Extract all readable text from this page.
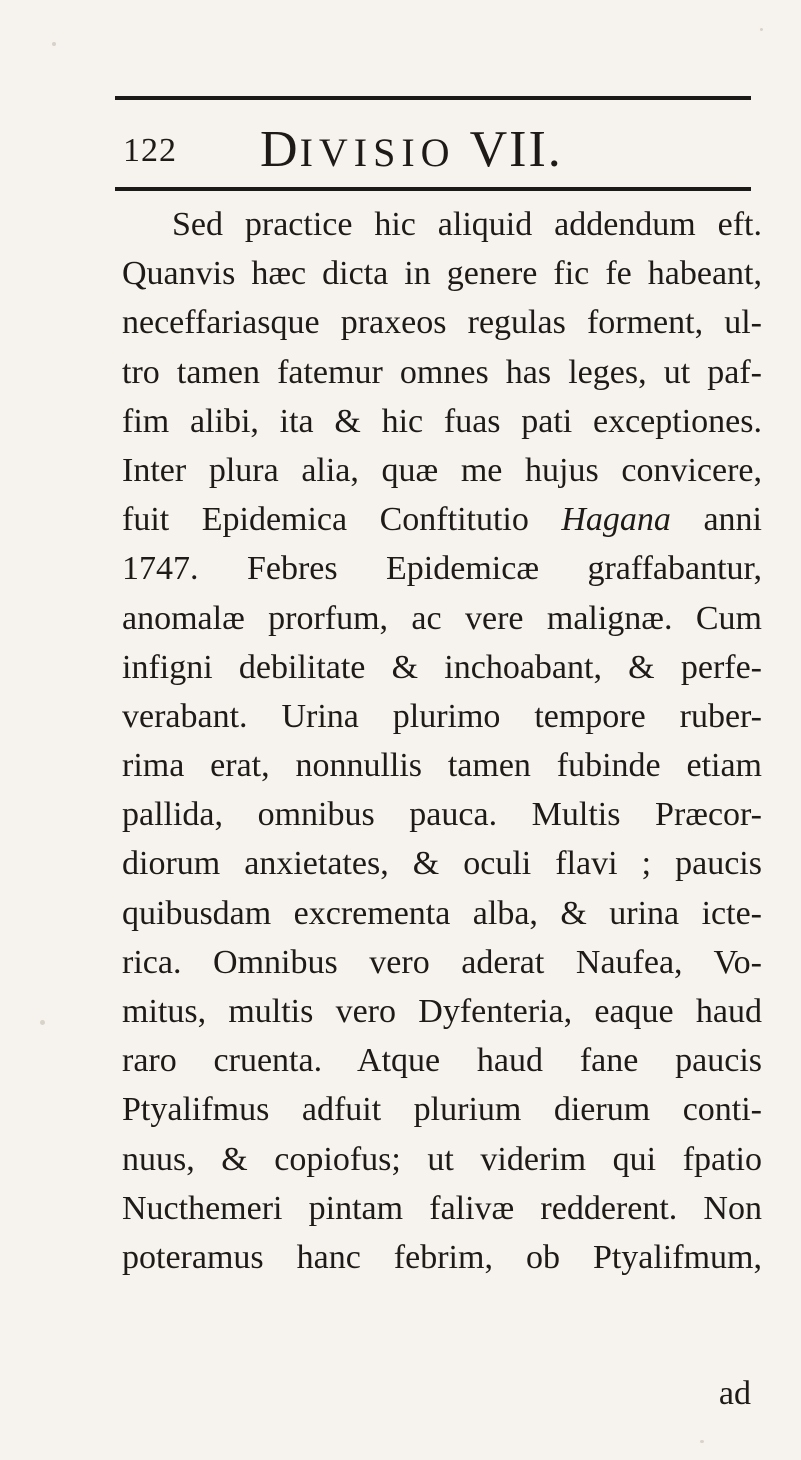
122 DIVISIO VII.
Sed practice hic aliquid addendum eft.
Quanvis hæc dicta in genere fic fe habeant,
neceffariasque praxeos regulas forment, ul-
tro tamen fatemur omnes has leges, ut paf-
fim alibi, ita & hic fuas pati exceptiones.
Inter plura alia, quæ me hujus convicere,
fuit Epidemica Conftitutio Hagana anni
1747. Febres Epidemicæ graffabantur,
anomalæ prorfum, ac vere malignæ. Cum
infigni debilitate & inchoabant, & perfe-
verabant. Urina plurimo tempore ruber-
rima erat, nonnullis tamen fubinde etiam
pallida, omnibus pauca. Multis Præcor-
diorum anxietates, & oculi flavi ; paucis
quibusdam excrementa alba, & urina icte-
rica. Omnibus vero aderat Naufea, Vo-
mitus, multis vero Dyfenteria, eaque haud
raro cruenta. Atque haud fane paucis
Ptyalifmus adfuit plurium dierum conti-
nuus, & copiofus; ut viderim qui fpatio
Nucthemeri pintam falivæ redderent. Non
poteramus hanc febrim, ob Ptyalifmum,
ad
